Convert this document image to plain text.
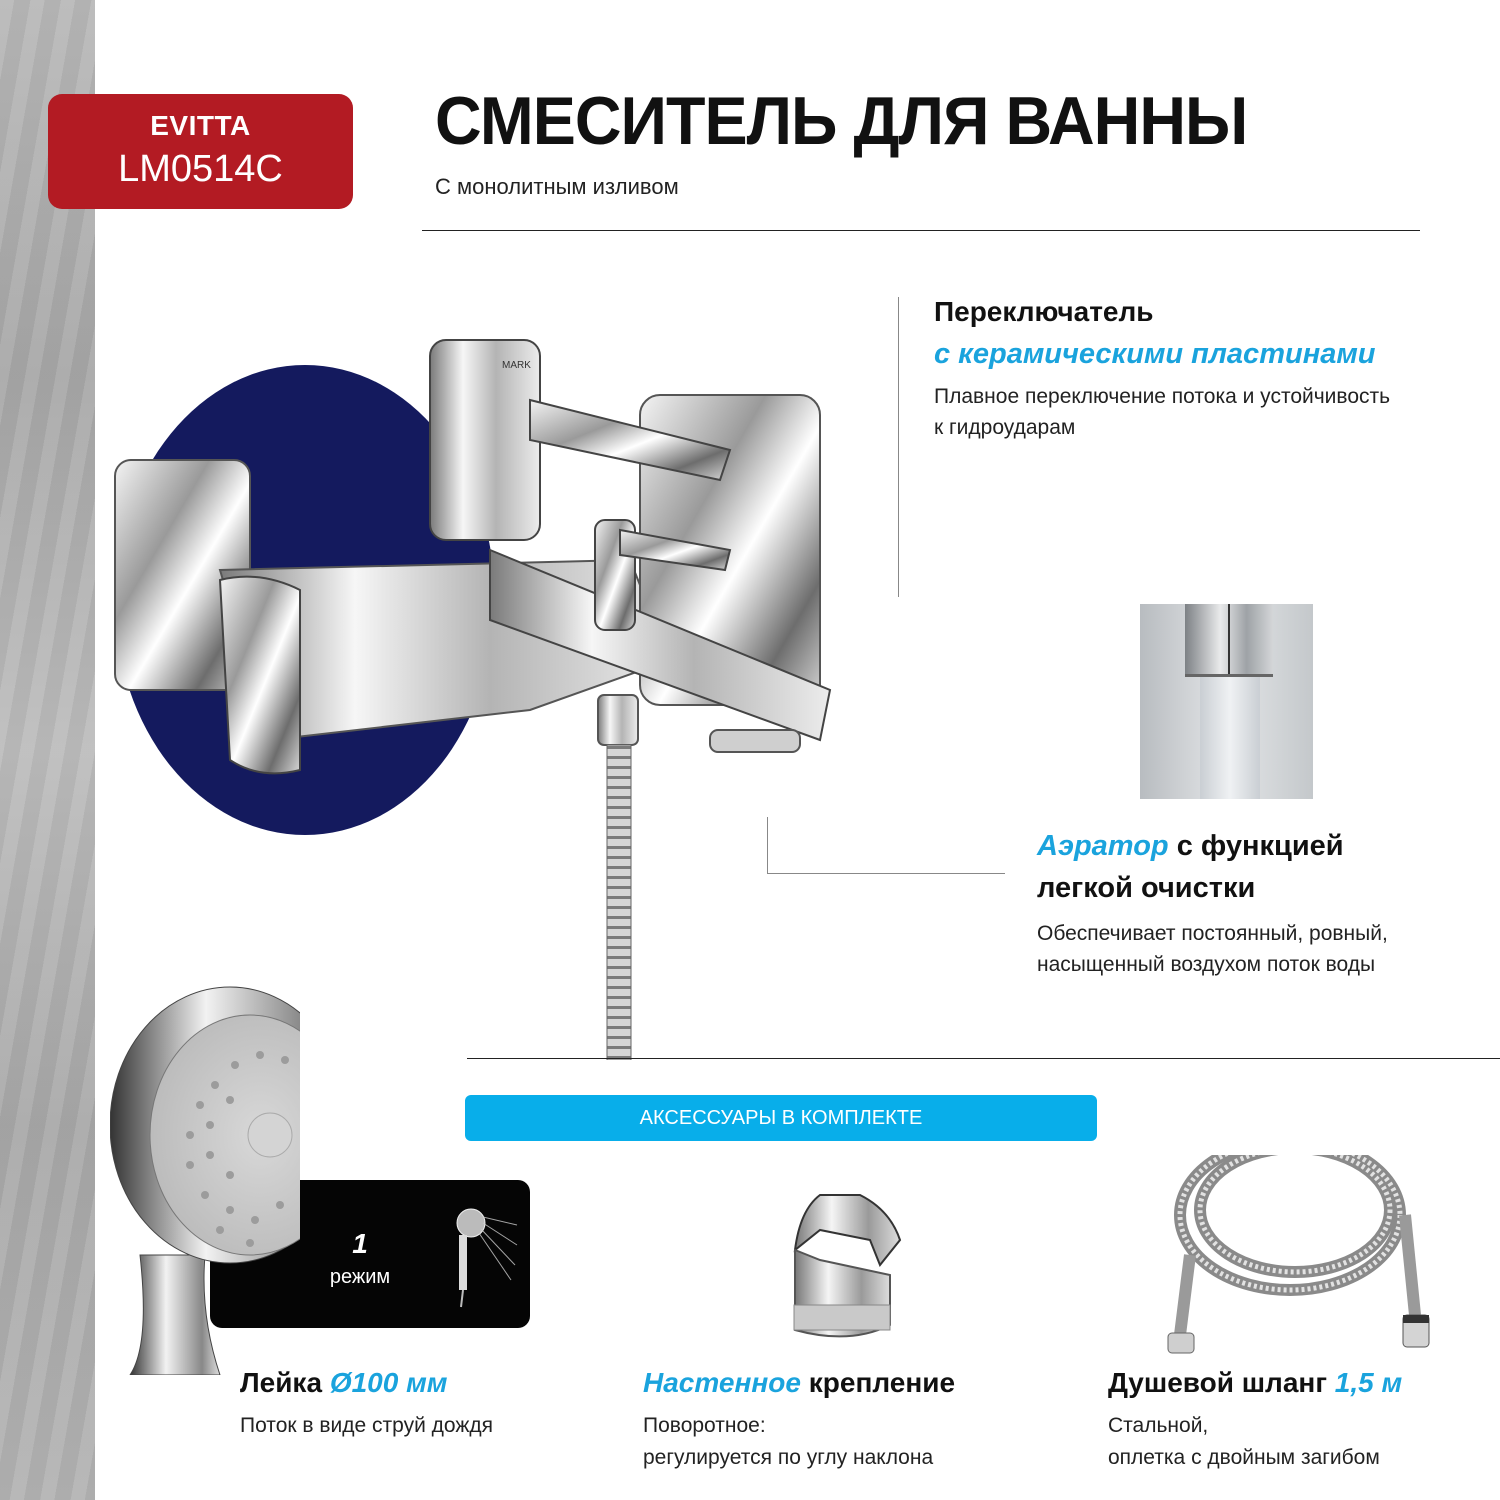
EVITTA
LM0514C
СМЕСИТЕЛЬ ДЛЯ ВАННЫ
С монолитным изливом
MARK
Переключатель
с керамическими пластинами
Плавное переключение потока и устойчивость
к гидроударам
Аэратор с функцией
легкой очистки
Обеспечивает постоянный, ровный,
насыщенный воздухом поток воды
АКСЕССУАРЫ В КОМПЛЕКТЕ
1
режим
Лейка Ø100 мм
Поток в виде струй дождя
Настенное крепление
Поворотное:
регулируется по углу наклона
Душевой шланг 1,5 м
Стальной,
оплетка с двойным загибом
